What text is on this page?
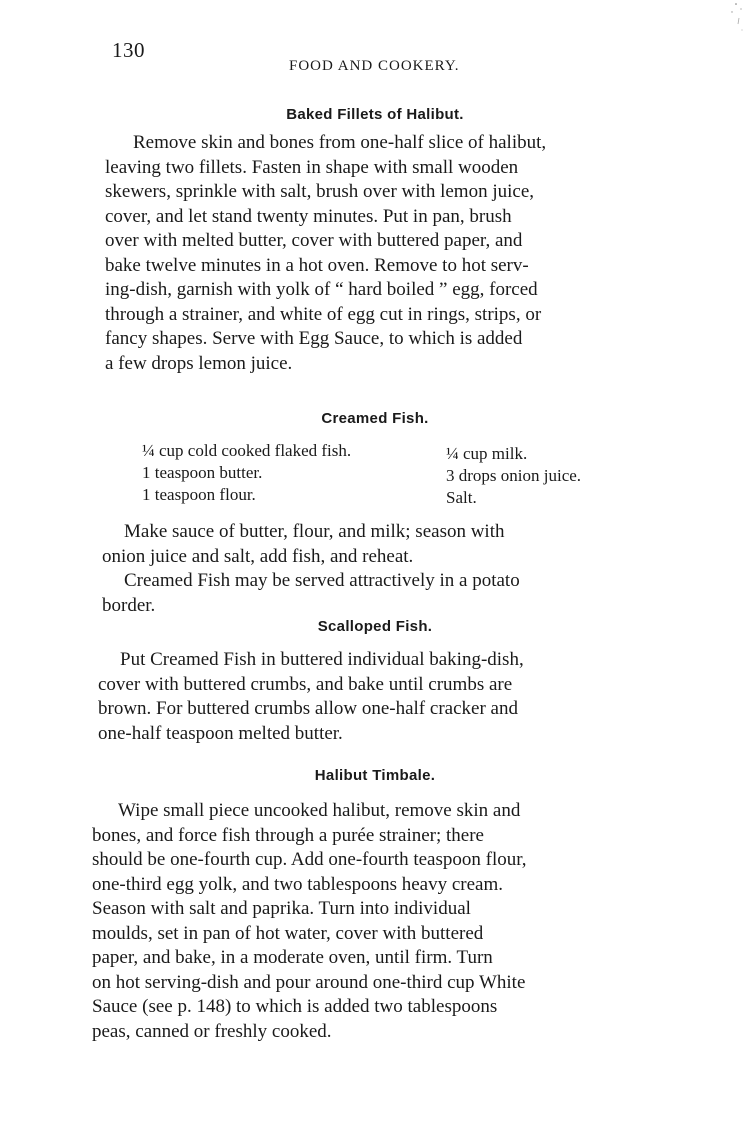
130
FOOD AND COOKERY.
Baked Fillets of Halibut.
Remove skin and bones from one-half slice of halibut,
leaving two fillets. Fasten in shape with small wooden
skewers, sprinkle with salt, brush over with lemon juice,
cover, and let stand twenty minutes. Put in pan, brush
over with melted butter, cover with buttered paper, and
bake twelve minutes in a hot oven. Remove to hot serv-
ing-dish, garnish with yolk of “ hard boiled ” egg, forced
through a strainer, and white of egg cut in rings, strips, or
fancy shapes. Serve with Egg Sauce, to which is added
a few drops lemon juice.
Creamed Fish.
¼ cup cold cooked flaked fish.
1 teaspoon butter.
1 teaspoon flour.
¼ cup milk.
3 drops onion juice.
Salt.
Make sauce of butter, flour, and milk; season with
onion juice and salt, add fish, and reheat.
Creamed Fish may be served attractively in a potato
border.
Scalloped Fish.
Put Creamed Fish in buttered individual baking-dish,
cover with buttered crumbs, and bake until crumbs are
brown. For buttered crumbs allow one-half cracker and
one-half teaspoon melted butter.
Halibut Timbale.
Wipe small piece uncooked halibut, remove skin and
bones, and force fish through a purée strainer; there
should be one-fourth cup. Add one-fourth teaspoon flour,
one-third egg yolk, and two tablespoons heavy cream.
Season with salt and paprika. Turn into individual
moulds, set in pan of hot water, cover with buttered
paper, and bake, in a moderate oven, until firm. Turn
on hot serving-dish and pour around one-third cup White
Sauce (see p. 148) to which is added two tablespoons
peas, canned or freshly cooked.
